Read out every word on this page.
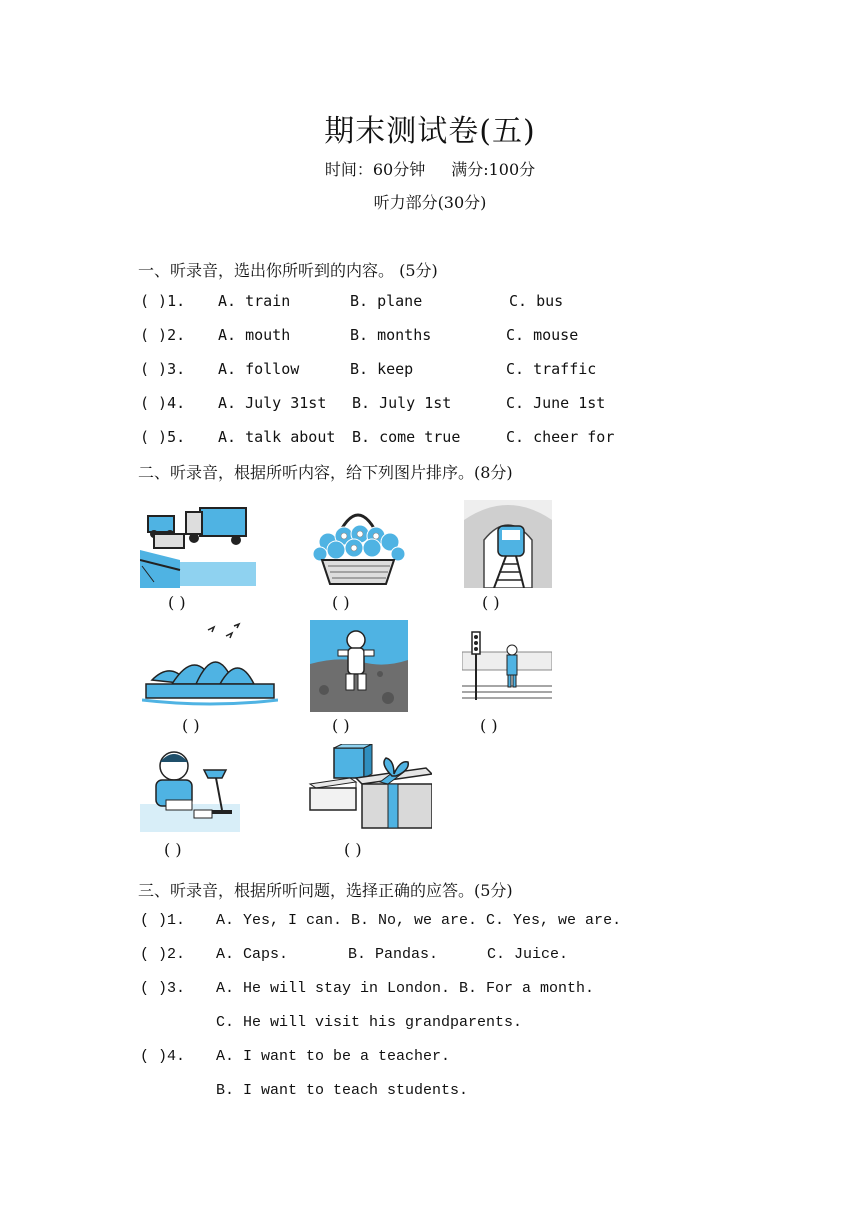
期末测试卷(五)
时间：60分钟 满分:100分
听力部分(30分)
一、听录音，选出你所听到的内容。 (5分)
( )1. A. train	B. plane	C. bus
( )2. A. mouth	B. months	C. mouse
( )3. A. follow	B. keep	C. traffic
( )4. A. July 31st B. July 1st	C. June 1st
( )5. A. talk about B. come true	C. cheer for
二、听录音，根据所听内容，给下列图片排序。(8分)
( )	( )	( )
( )	( )	( )
( )	( )
三、听录音，根据所听问题，选择正确的应答。(5分)
( )1. A. Yes, I can. B. No, we are. C. Yes, we are.
( )2. A. Caps.	B. Pandas.	C. Juice.
( )3. A. He will stay in London. B. For a month.
C. He will visit his grandparents.
( )4. A. I want to be a teacher.
B. I want to teach students.
